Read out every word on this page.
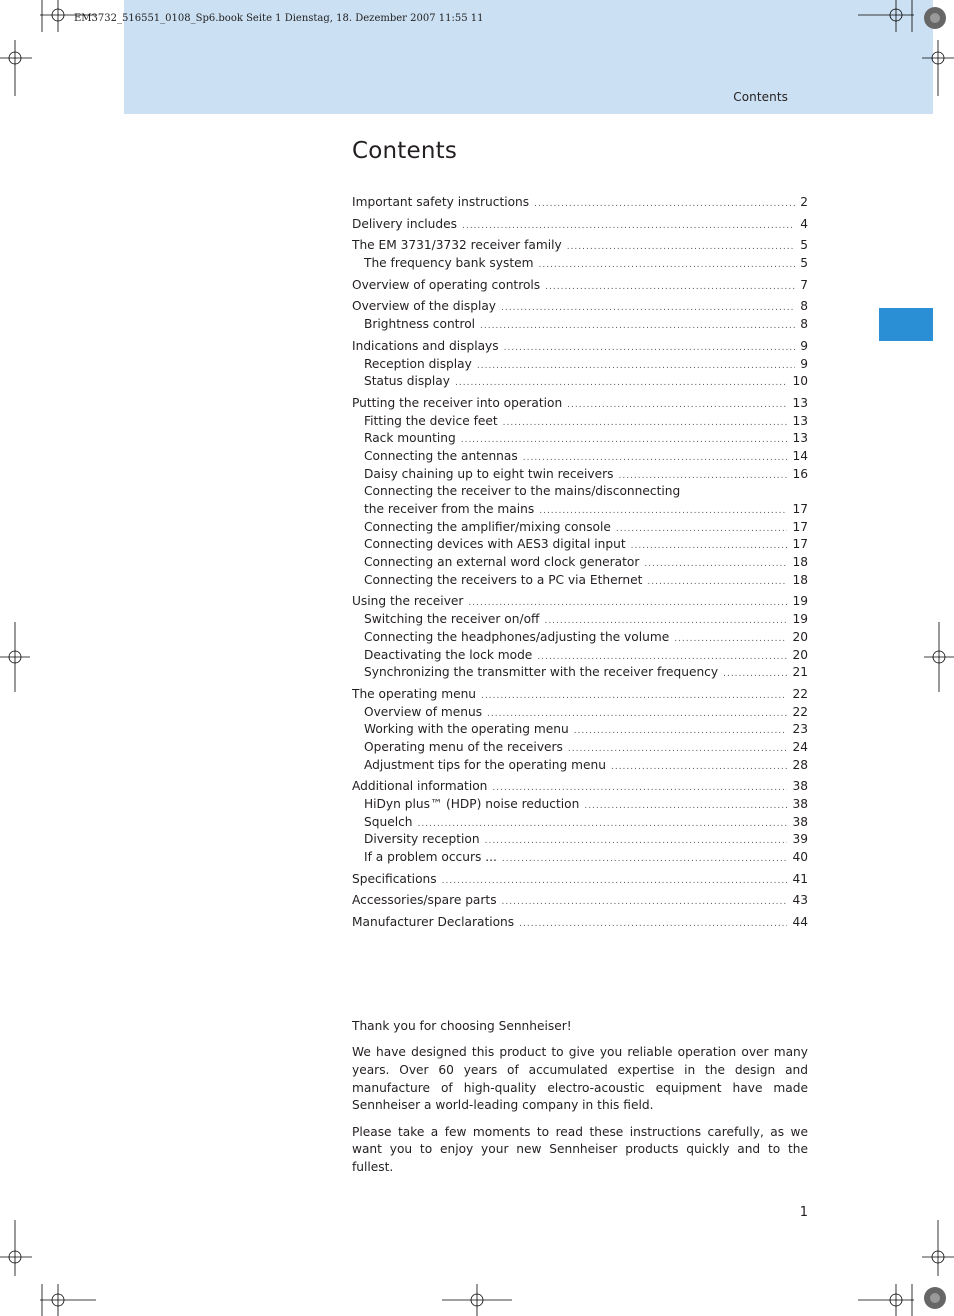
Contents
EM3732_516551_0108_Sp6.book Seite 1 Dienstag, 18. Dezember 2007 11:55 11
Contents
Important safety instructions .....	2
Delivery includes .....	4
The EM 3731/3732 receiver family .....	5
The frequency bank system .....	5
Overview of operating controls .....	7
Overview of the display .....	8
Brightness control .....	8
Indications and displays .....	9
Reception display .....	9
Status display .....	10
Putting the receiver into operation .....	13
Fitting the device feet .....	13
Rack mounting .....	13
Connecting the antennas .....	14
Daisy chaining up to eight twin receivers .....	16
Connecting the receiver to the mains/disconnecting
the receiver from the mains .....	17
Connecting the amplifier/mixing console .....	17
Connecting devices with AES3 digital input .....	17
Connecting an external word clock generator .....	18
Connecting the receivers to a PC via Ethernet .....	18
Using the receiver .....	19
Switching the receiver on/off .....	19
Connecting the headphones/adjusting the volume .....	20
Deactivating the lock mode .....	20
Synchronizing the transmitter with the receiver frequency .....	21
The operating menu .....	22
Overview of menus .....	22
Working with the operating menu .....	23
Operating menu of the receivers .....	24
Adjustment tips for the operating menu .....	28
Additional information .....	38
HiDyn plus™ (HDP) noise reduction .....	38
Squelch .....	38
Diversity reception .....	39
If a problem occurs ... .....	40
Specifications .....	41
Accessories/spare parts .....	43
Manufacturer Declarations .....	44

Thank you for choosing Sennheiser!

We have designed this product to give you reliable operation over many years. Over 60 years of accumulated expertise in the design and manufacture of high-quality electro-acoustic equipment have made Sennheiser a world-leading company in this field.

Please take a few moments to read these instructions carefully, as we want you to enjoy your new Sennheiser products quickly and to the fullest.

1
